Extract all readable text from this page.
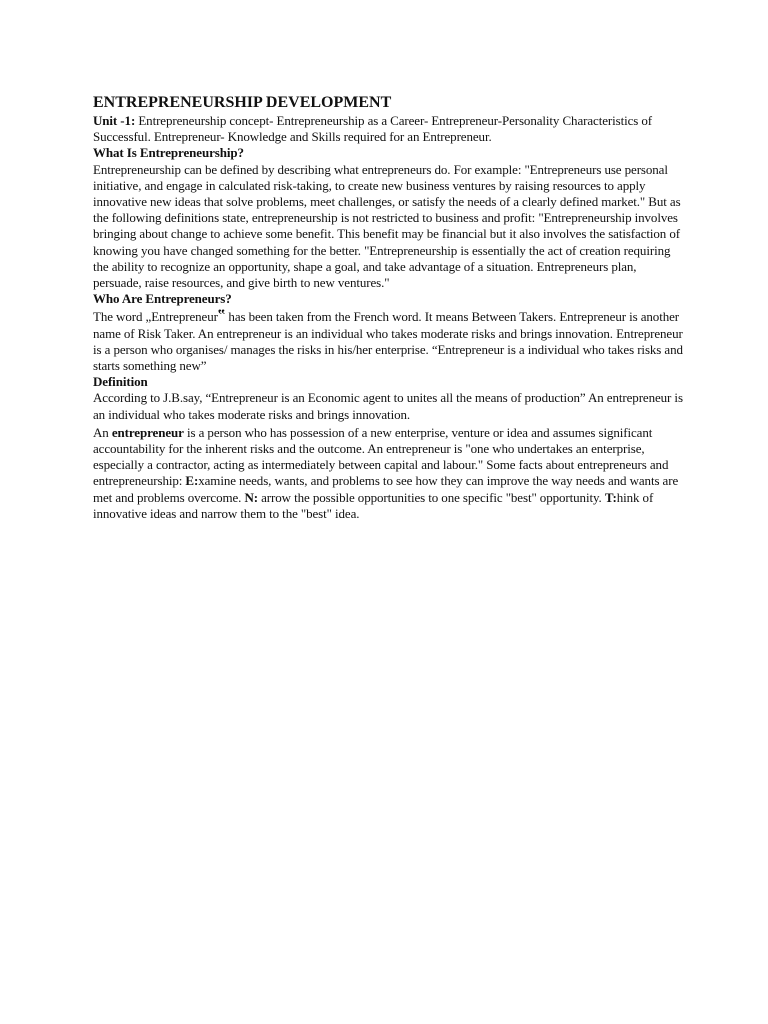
ENTREPRENEURSHIP DEVELOPMENT

Unit -1: Entrepreneurship concept- Entrepreneurship as a Career- Entrepreneur-Personality Characteristics of Successful. Entrepreneur- Knowledge and Skills required for an Entrepreneur.

What Is Entrepreneurship?

Entrepreneurship can be defined by describing what entrepreneurs do. For example: "Entrepreneurs use personal initiative, and engage in calculated risk-taking, to create new business ventures by raising resources to apply innovative new ideas that solve problems, meet challenges, or satisfy the needs of a clearly defined market." But as the following definitions state, entrepreneurship is not restricted to business and profit: "Entrepreneurship involves bringing about change to achieve some benefit. This benefit may be financial but it also involves the satisfaction of knowing you have changed something for the better. "Entrepreneurship is essentially the act of creation requiring the ability to recognize an opportunity, shape a goal, and take advantage of a situation. Entrepreneurs plan, persuade, raise resources, and give birth to new ventures."

Who Are Entrepreneurs?

The word „Entrepreneur‟ has been taken from the French word. It means Between Takers. Entrepreneur is another name of Risk Taker. An entrepreneur is an individual who takes moderate risks and brings innovation. Entrepreneur is a person who organises/ manages the risks in his/her enterprise. “Entrepreneur is a individual who takes risks and starts something new”

Definition

According to J.B.say, “Entrepreneur is an Economic agent to unites all the means of production” An entrepreneur is an individual who takes moderate risks and brings innovation.

An entrepreneur is a person who has possession of a new enterprise, venture or idea and assumes significant accountability for the inherent risks and the outcome. An entrepreneur is "one who undertakes an enterprise, especially a contractor, acting as intermediately between capital and labour." Some facts about entrepreneurs and entrepreneurship: E:xamine needs, wants, and problems to see how they can improve the way needs and wants are met and problems overcome. N: arrow the possible opportunities to one specific "best" opportunity. T:hink of innovative ideas and narrow them to the "best" idea.
